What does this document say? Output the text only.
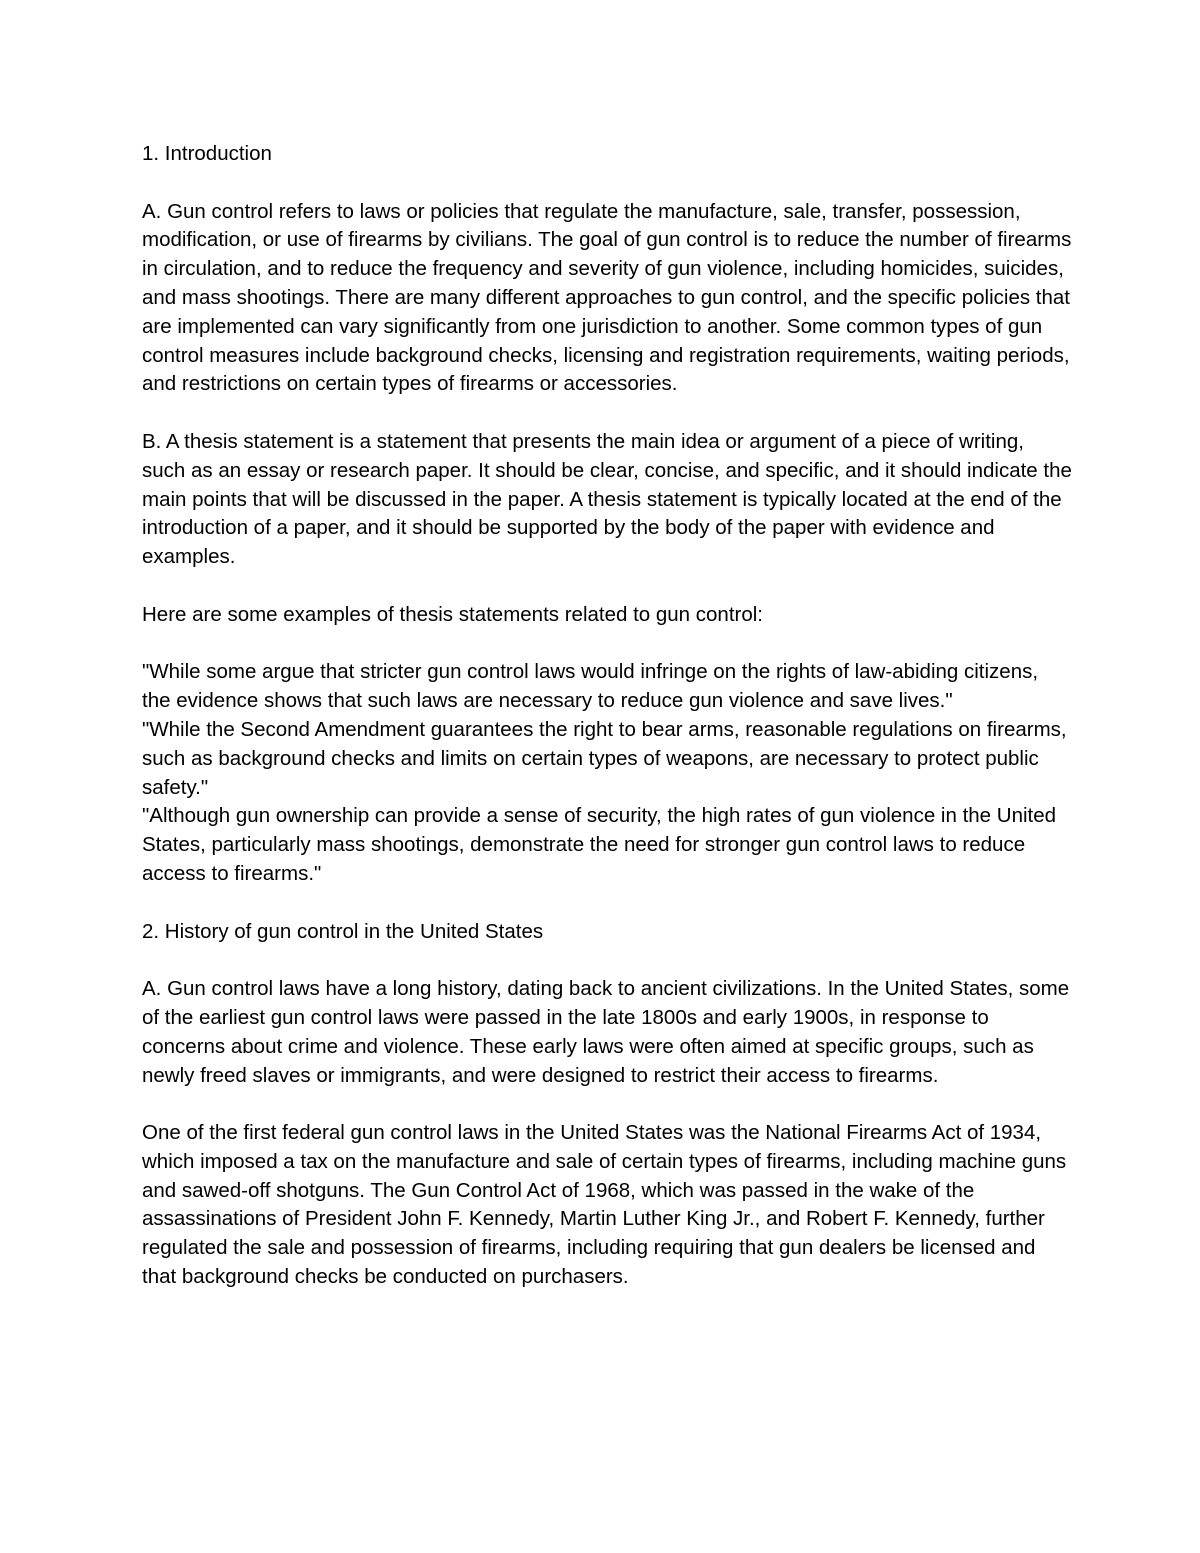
1. Introduction

A. Gun control refers to laws or policies that regulate the manufacture, sale, transfer, possession, modification, or use of firearms by civilians. The goal of gun control is to reduce the number of firearms in circulation, and to reduce the frequency and severity of gun violence, including homicides, suicides, and mass shootings. There are many different approaches to gun control, and the specific policies that are implemented can vary significantly from one jurisdiction to another. Some common types of gun control measures include background checks, licensing and registration requirements, waiting periods, and restrictions on certain types of firearms or accessories.

B. A thesis statement is a statement that presents the main idea or argument of a piece of writing, such as an essay or research paper. It should be clear, concise, and specific, and it should indicate the main points that will be discussed in the paper. A thesis statement is typically located at the end of the introduction of a paper, and it should be supported by the body of the paper with evidence and examples.

Here are some examples of thesis statements related to gun control:

"While some argue that stricter gun control laws would infringe on the rights of law-abiding citizens, the evidence shows that such laws are necessary to reduce gun violence and save lives."

"While the Second Amendment guarantees the right to bear arms, reasonable regulations on firearms, such as background checks and limits on certain types of weapons, are necessary to protect public safety."

"Although gun ownership can provide a sense of security, the high rates of gun violence in the United States, particularly mass shootings, demonstrate the need for stronger gun control laws to reduce access to firearms."

2. History of gun control in the United States

A. Gun control laws have a long history, dating back to ancient civilizations. In the United States, some of the earliest gun control laws were passed in the late 1800s and early 1900s, in response to concerns about crime and violence. These early laws were often aimed at specific groups, such as newly freed slaves or immigrants, and were designed to restrict their access to firearms.

One of the first federal gun control laws in the United States was the National Firearms Act of 1934, which imposed a tax on the manufacture and sale of certain types of firearms, including machine guns and sawed-off shotguns. The Gun Control Act of 1968, which was passed in the wake of the assassinations of President John F. Kennedy, Martin Luther King Jr., and Robert F. Kennedy, further regulated the sale and possession of firearms, including requiring that gun dealers be licensed and that background checks be conducted on purchasers.
